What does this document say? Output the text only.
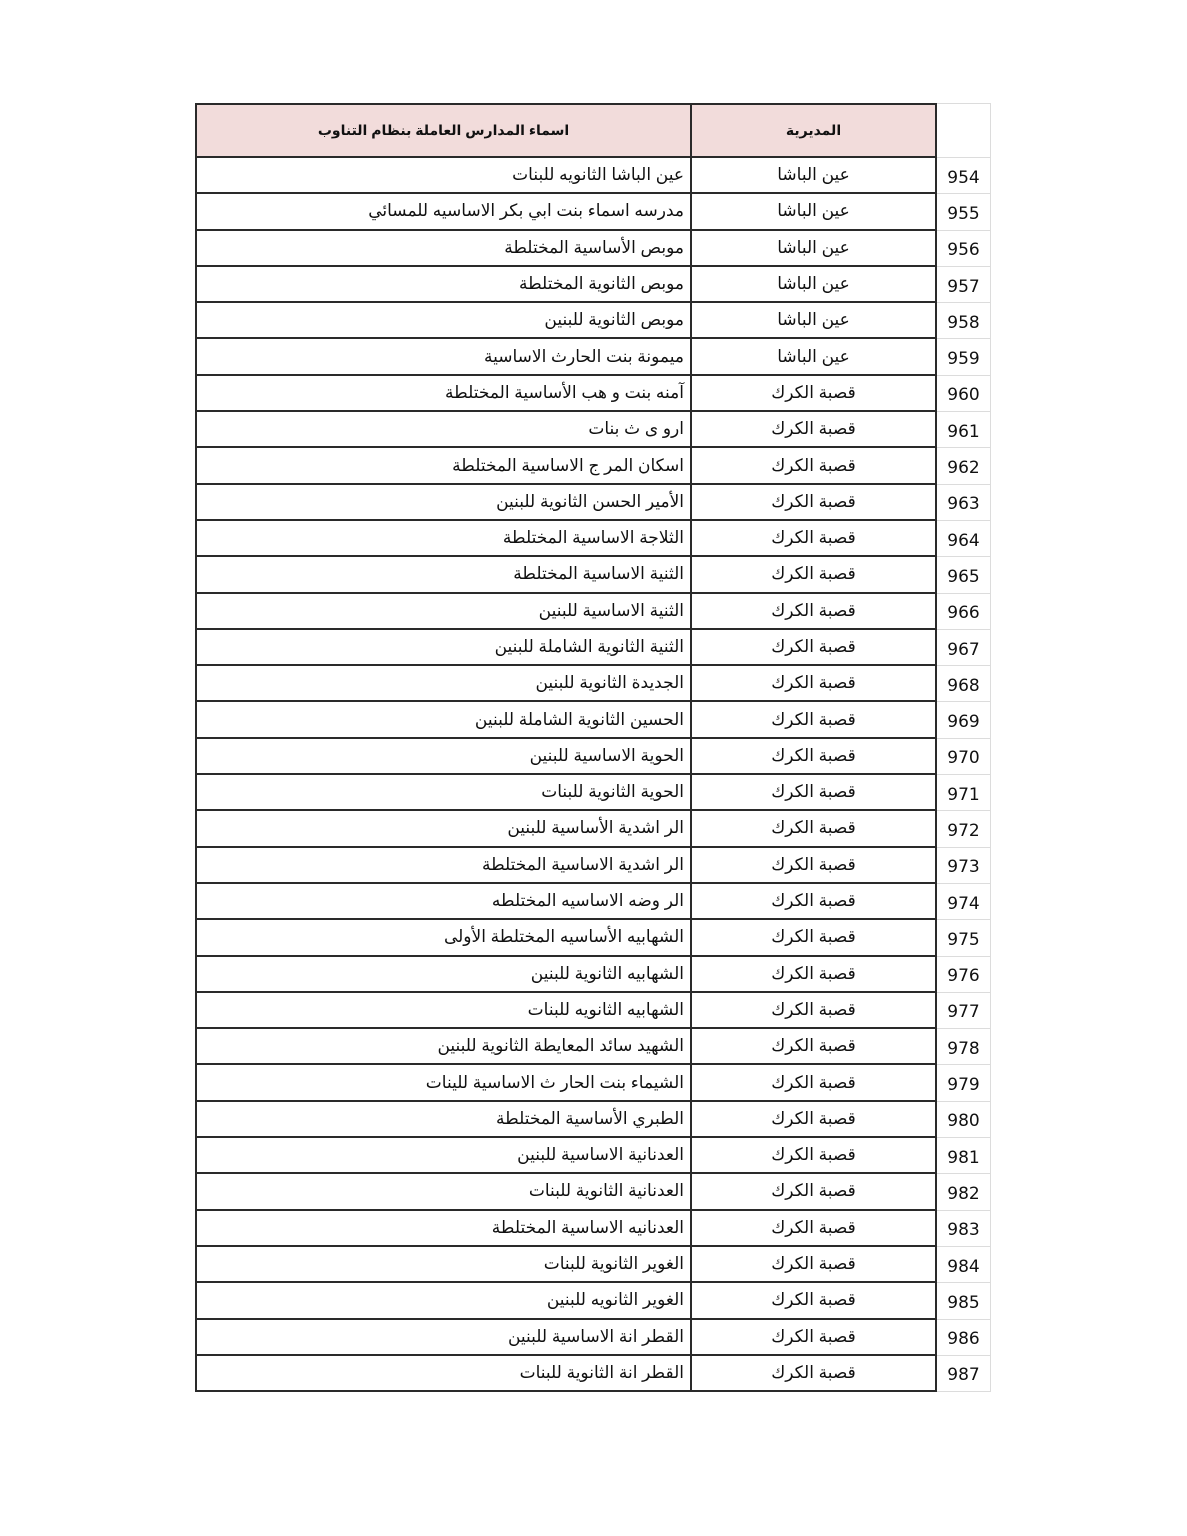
اسماء المدارس العاملة بنظام التناوب	المديرية
عين الباشا الثانويه للبنات	عين الباشا	954
مدرسه اسماء بنت ابي بكر الاساسيه للمسائي	عين الباشا	955
موبص الأساسية المختلطة	عين الباشا	956
موبص الثانوية المختلطة	عين الباشا	957
موبص الثانوية للبنين	عين الباشا	958
ميمونة بنت الحارث الاساسية	عين الباشا	959
آمنه بنت و هب الأساسية المختلطة	قصبة الكرك	960
ارو ى ث بنات	قصبة الكرك	961
اسكان المر ج الاساسية المختلطة	قصبة الكرك	962
الأمير الحسن الثانوية للبنين	قصبة الكرك	963
الثلاجة الاساسية المختلطة	قصبة الكرك	964
الثنية الاساسية المختلطة	قصبة الكرك	965
الثنية الاساسية للبنين	قصبة الكرك	966
الثنية الثانوية الشاملة للبنين	قصبة الكرك	967
الجديدة الثانوية للبنين	قصبة الكرك	968
الحسين الثانوية الشاملة للبنين	قصبة الكرك	969
الحوية الاساسية للبنين	قصبة الكرك	970
الحوية الثانوية للبنات	قصبة الكرك	971
الر اشدية الأساسية للبنين	قصبة الكرك	972
الر اشدية الاساسية المختلطة	قصبة الكرك	973
الر وضه الاساسيه المختلطه	قصبة الكرك	974
الشهابيه الأساسيه المختلطة الأولى	قصبة الكرك	975
الشهابيه الثانوية للبنين	قصبة الكرك	976
الشهابيه الثانويه للبنات	قصبة الكرك	977
الشهيد سائد المعايطة الثانوية للبنين	قصبة الكرك	978
الشيماء بنت الحار ث الاساسية للينات	قصبة الكرك	979
الطبري الأساسية المختلطة	قصبة الكرك	980
العدنانية الاساسية للبنين	قصبة الكرك	981
العدنانية الثانوية للبنات	قصبة الكرك	982
العدنانيه الاساسية المختلطة	قصبة الكرك	983
الغوير الثانوية للبنات	قصبة الكرك	984
الغوير الثانويه للبنين	قصبة الكرك	985
القطر انة الاساسية للبنين	قصبة الكرك	986
القطر انة الثانوية للبنات	قصبة الكرك	987
